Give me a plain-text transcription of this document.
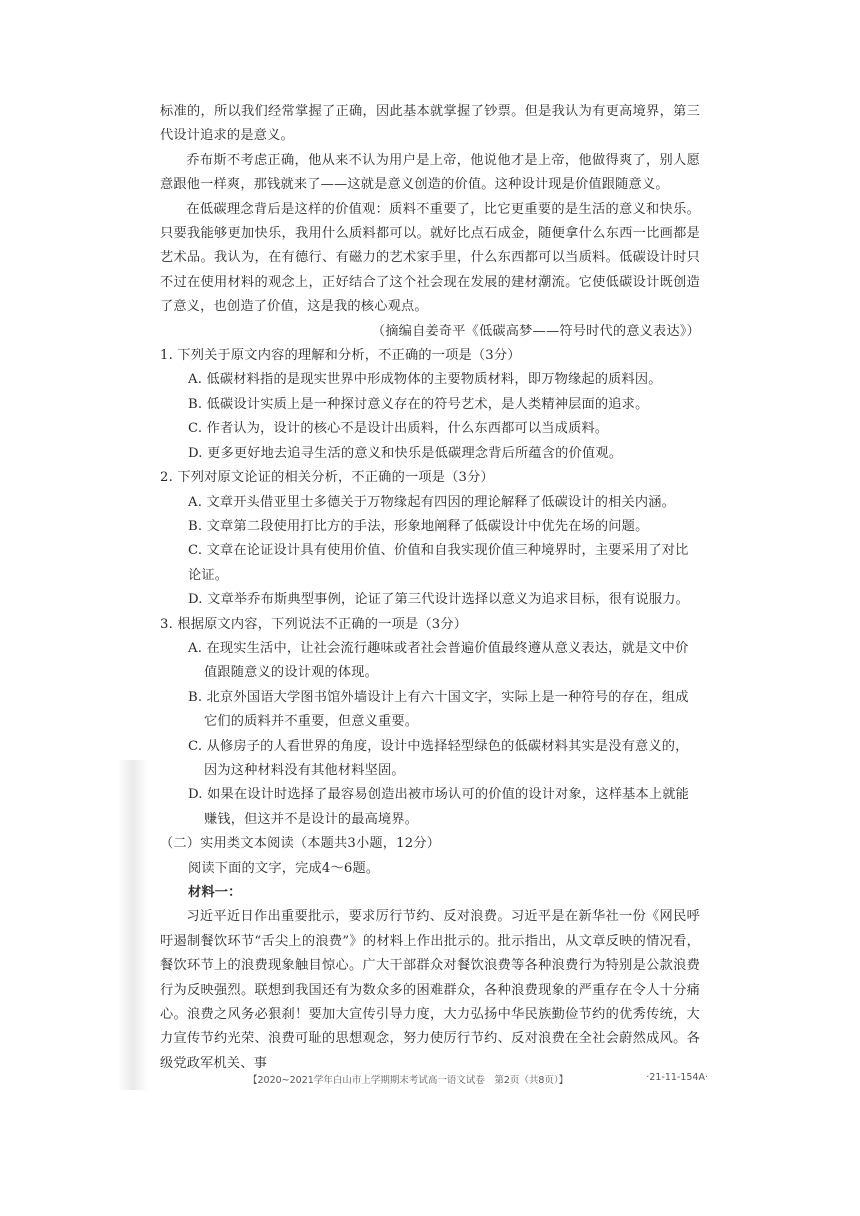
标准的，所以我们经常掌握了正确，因此基本就掌握了钞票。但是我认为有更高境界，第三代设计追求的是意义。

乔布斯不考虑正确，他从来不认为用户是上帝，他说他才是上帝，他做得爽了，别人愿意跟他一样爽，那钱就来了——这就是意义创造的价值。这种设计现是价值跟随意义。

在低碳理念背后是这样的价值观：质料不重要了，比它更重要的是生活的意义和快乐。只要我能够更加快乐，我用什么质料都可以。就好比点石成金，随便拿什么东西一比画都是艺术品。我认为，在有德行、有磁力的艺术家手里，什么东西都可以当质料。低碳设计时只不过在使用材料的观念上，正好结合了这个社会现在发展的建材潮流。它使低碳设计既创造了意义，也创造了价值，这是我的核心观点。

（摘编自姜奇平《低碳高梦——符号时代的意义表达》）

1. 下列关于原文内容的理解和分析，不正确的一项是（3分）

A. 低碳材料指的是现实世界中形成物体的主要物质材料，即万物缘起的质料因。

B. 低碳设计实质上是一种探讨意义存在的符号艺术，是人类精神层面的追求。

C. 作者认为，设计的核心不是设计出质料，什么东西都可以当成质料。

D. 更多更好地去追寻生活的意义和快乐是低碳理念背后所蕴含的价值观。

2. 下列对原文论证的相关分析，不正确的一项是（3分）

A. 文章开头借亚里士多德关于万物缘起有四因的理论解释了低碳设计的相关内涵。

B. 文章第二段使用打比方的手法，形象地阐释了低碳设计中优先在场的问题。

C. 文章在论证设计具有使用价值、价值和自我实现价值三种境界时，主要采用了对比论证。

D. 文章举乔布斯典型事例，论证了第三代设计选择以意义为追求目标，很有说服力。

3. 根据原文内容，下列说法不正确的一项是（3分）

A. 在现实生活中，让社会流行趣味或者社会普遍价值最终遵从意义表达，就是文中价值跟随意义的设计观的体现。

B. 北京外国语大学图书馆外墙设计上有六十国文字，实际上是一种符号的存在，组成它们的质料并不重要，但意义重要。

C. 从修房子的人看世界的角度，设计中选择轻型绿色的低碳材料其实是没有意义的，因为这种材料没有其他材料坚固。

D. 如果在设计时选择了最容易创造出被市场认可的价值的设计对象，这样基本上就能赚钱，但这并不是设计的最高境界。

（二）实用类文本阅读（本题共3小题，12分）

阅读下面的文字，完成4～6题。

材料一：

习近平近日作出重要批示，要求厉行节约、反对浪费。习近平是在新华社一份《网民呼吁遏制餐饮环节“舌尖上的浪费”》的材料上作出批示的。批示指出，从文章反映的情况看，餐饮环节上的浪费现象触目惊心。广大干部群众对餐饮浪费等各种浪费行为特别是公款浪费行为反映强烈。联想到我国还有为数众多的困难群众，各种浪费现象的严重存在令人十分痛心。浪费之风务必狠刹！要加大宣传引导力度，大力弘扬中华民族勤俭节约的优秀传统，大力宣传节约光荣、浪费可耻的思想观念，努力使厉行节约、反对浪费在全社会蔚然成风。各级党政军机关、事

【2020~2021学年白山市上学期期末考试高一语文试卷　第2页（共8页）】	·21-11-154A·
